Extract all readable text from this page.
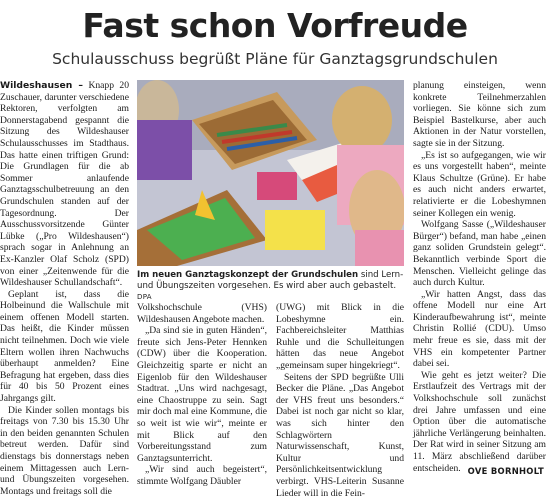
Fast schon Vorfreude
Schulausschuss begrüßt Pläne für Ganztagsgrundschulen

Wildeshausen – Knapp 20 Zuschauer, darunter verschiedene Rektoren, verfolgten am Donnerstagabend gespannt die Sitzung des Wildeshauser Schulausschusses im Stadthaus. Das hatte einen triftigen Grund: Die Grundlagen für die ab Sommer anlaufende Ganztagsschulbetreuung an den Grundschulen standen auf der Tagesordnung. Der Ausschussvorsitzende Günter Lübke („Pro Wildeshausen“) sprach sogar in Anlehnung an Ex-Kanzler Olaf Scholz (SPD) von einer „Zeitenwende für die Wildeshauser Schullandschaft“.

Geplant ist, dass die Holbeinund die Wallschule mit einem offenen Modell starten. Das heißt, die Kinder müssen nicht teilnehmen. Doch wie viele Eltern wollen ihren Nachwuchs überhaupt anmelden? Eine Befragung hat ergeben, dass dies für 40 bis 50 Prozent eines Jahrgangs gilt.

Die Kinder sollen montags bis freitags von 7.30 bis 15.30 Uhr in den beiden genannten Schulen betreut werden. Dafür sind dienstags bis donnerstags neben einem Mittagessen auch Lern- und Übungszeiten vorgesehen. Montags und freitags soll die

Im neuen Ganztagskonzept der Grundschulen sind Lern- und Übungszeiten vorgesehen. Es wird aber auch gebastelt. DPA

Volkshochschule (VHS) Wildeshausen Angebote machen.

„Da sind sie in guten Händen“, freute sich Jens-Peter Hennken (CDW) über die Kooperation. Gleichzeitig sparte er nicht an Eigenlob für den Wildeshauser Stadtrat. „Uns wird nachgesagt, eine Chaostruppe zu sein. Sagt mir doch mal eine Kommune, die so weit ist wie wir“, meinte er mit Blick auf den Vorbereitungsstand zum Ganztagsunterricht.

„Wir sind auch begeistert“, stimmte Wolfgang Däubler

(UWG) mit Blick in die Lobeshymne ein. Fachbereichsleiter Matthias Ruhle und die Schulleitungen hätten das neue Angebot „gemeinsam super hingekriegt“.

Seitens der SPD begrüßte Ulli Becker die Pläne. „Das Angebot der VHS freut uns besonders.“ Dabei ist noch gar nicht so klar, was sich hinter den Schlagwörtern Naturwissenschaft, Kunst, Kultur und Persönlichkeitsentwicklung verbirgt. VHS-Leiterin Susanne Lieder will in die Fein-

planung einsteigen, wenn konkrete Teilnehmerzahlen vorliegen. Sie könne sich zum Beispiel Bastelkurse, aber auch Aktionen in der Natur vorstellen, sagte sie in der Sitzung.

„Es ist so aufgegangen, wie wir es uns vorgestellt haben“, meinte Klaus Schultze (Grüne). Er habe es auch nicht anders erwartet, relativierte er die Lobeshymnen seiner Kollegen ein wenig.

Wolfgang Sasse („Wildeshauser Bürger“) befand, man habe „einen ganz soliden Grundstein gelegt“. Bekanntlich verbinde Sport die Menschen. Vielleicht gelinge das auch durch Kultur.

„Wir hatten Angst, dass das offene Modell nur eine Art Kinderaufbewahrung ist“, meinte Christin Rollié (CDU). Umso mehr freue es sie, dass mit der VHS ein kompetenter Partner dabei sei.

Wie geht es jetzt weiter? Die Erstlaufzeit des Vertrags mit der Volkshochschule soll zunächst drei Jahre umfassen und eine Option über die automatische jährliche Verlängerung beinhalten. Der Rat wird in seiner Sitzung am 11. März abschließend darüber entscheiden. OVE BORNHOLT
